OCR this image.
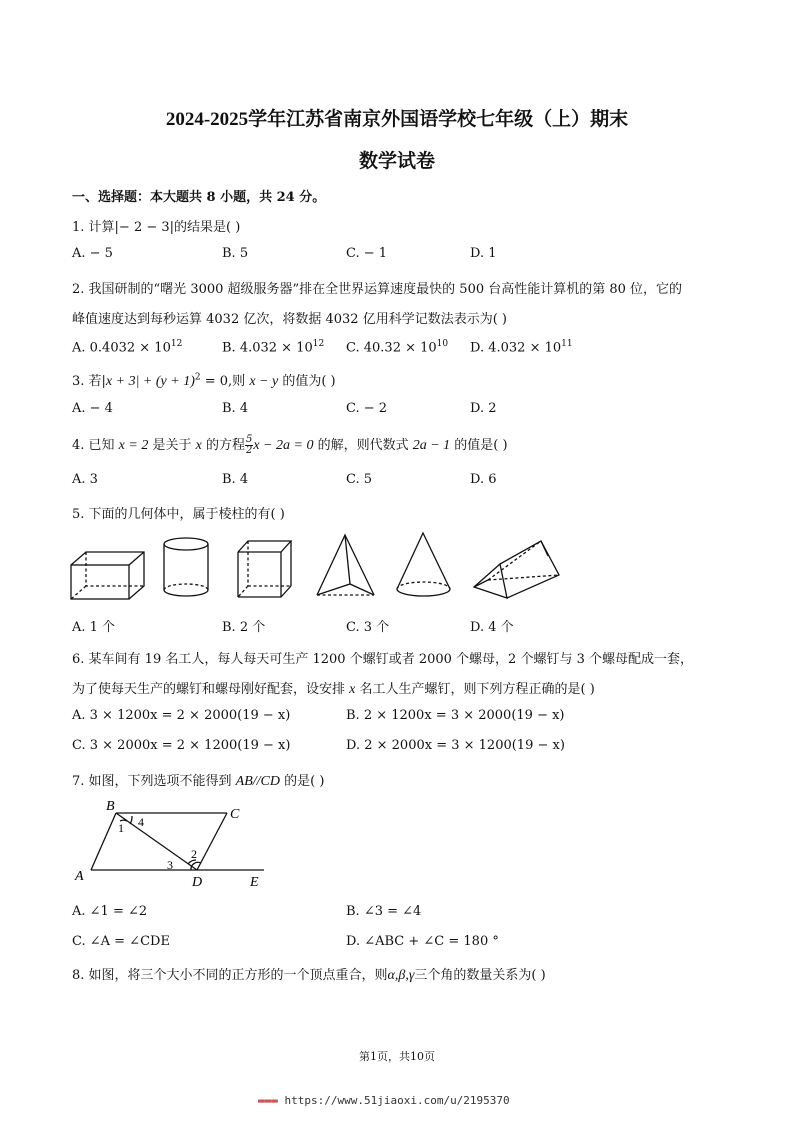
2024-2025学年江苏省南京外国语学校七年级（上）期末
数学试卷
一、选择题：本大题共 8 小题，共 24 分。
1. 计算|− 2 − 3|的结果是( )
A. − 5	B. 5	C. − 1	D. 1
2. 我国研制的“曙光 3000 超级服务器”排在全世界运算速度最快的 500 台高性能计算机的第 80 位，它的
峰值速度达到每秒运算 4032 亿次，将数据 4032 亿用科学记数法表示为( )
A. $0.4032 \times 10^{12}$	B. $4.032 \times 10^{12}$ C. $40.32 \times 10^{10}$ D. $4.032 \times 10^{11}$
3. 若$|x + 3| + (y + 1)^2 = 0$,则 x − y 的值为( )
A. − 4	B. 4	C. − 2	D. 2
4. 已知 x = 2 是关于 x 的方程 $\frac{5}{2}$ x − 2a = 0 的解，则代数式 2a − 1 的值是( )
A. 3	B. 4	C. 5	D. 6
5. 下面的几何体中，属于棱柱的有( )
A. 1 个	B. 2 个	C. 3 个	D. 4 个
6. 某车间有 19 名工人，每人每天可生产 1200 个螺钉或者 2000 个螺母，2 个螺钉与 3 个螺母配成一套，
为了使每天生产的螺钉和螺母刚好配套，设安排 x 名工人生产螺钉，则下列方程正确的是( )
A. 3 × 1200x = 2 × 2000(19 − x)	B. 2 × 1200x = 3 × 2000(19 − x)
C. 3 × 2000x = 2 × 1200(19 − x)	D. 2 × 2000x = 3 × 1200(19 − x)
7. 如图，下列选项不能得到 AB//CD 的是( )
B
C
A	D	E
1 4
3
2
A. ∠1 = ∠2	B. ∠3 = ∠4
C. ∠A = ∠CDE	D. ∠ABC + ∠C = 180 °
8. 如图，将三个大小不同的正方形的一个顶点重合，则α,β,γ三个角的数量关系为( )
第1页，共10页
▬▬▬ https://www.51jiaoxi.com/u/2195370
